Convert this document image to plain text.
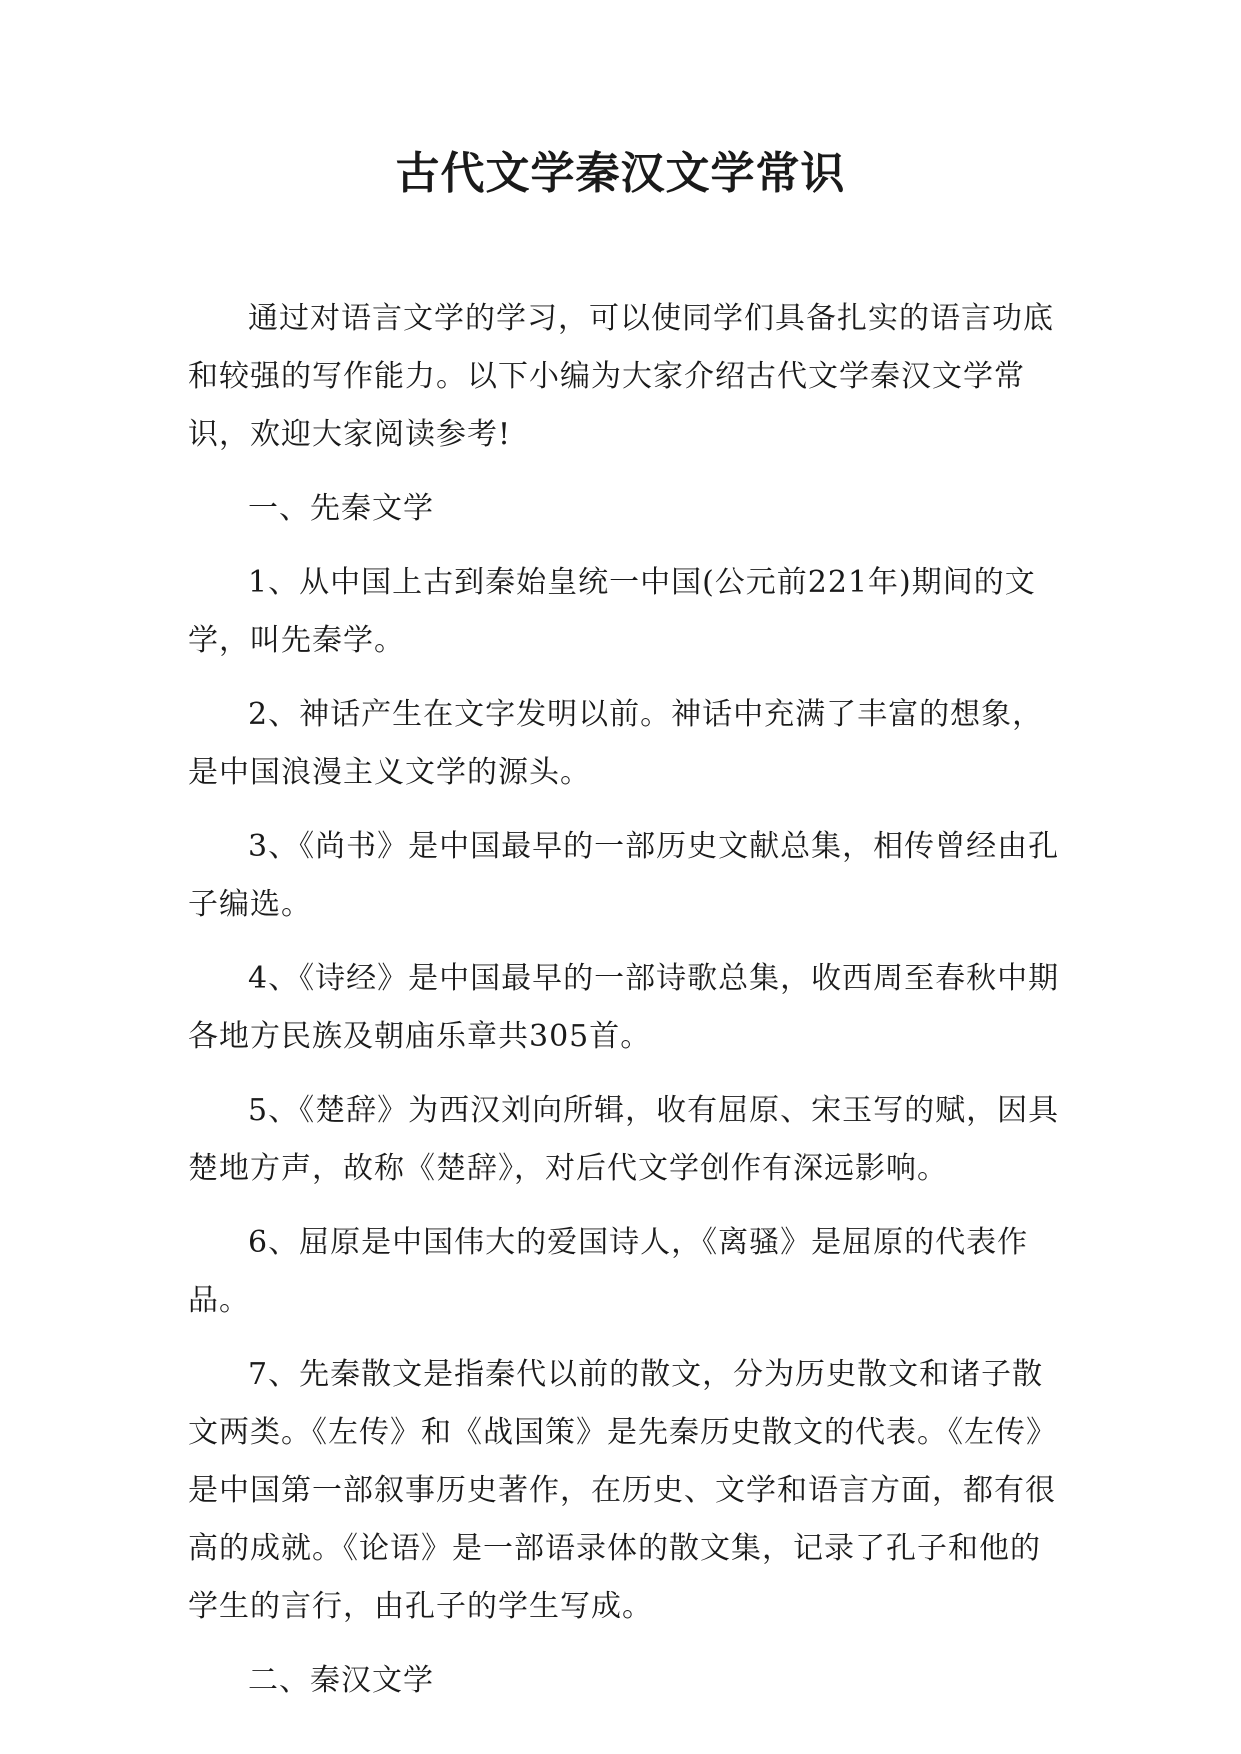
古代文学秦汉文学常识

通过对语言文学的学习，可以使同学们具备扎实的语言功底和较强的写作能力。以下小编为大家介绍古代文学秦汉文学常识，欢迎大家阅读参考!

一、先秦文学

1、从中国上古到秦始皇统一中国(公元前221年)期间的文学，叫先秦学。

2、神话产生在文字发明以前。神话中充满了丰富的想象，是中国浪漫主义文学的源头。

3、《尚书》是中国最早的一部历史文献总集，相传曾经由孔子编选。

4、《诗经》是中国最早的一部诗歌总集，收西周至春秋中期各地方民族及朝庙乐章共305首。

5、《楚辞》为西汉刘向所辑，收有屈原、宋玉写的赋，因具楚地方声，故称《楚辞》，对后代文学创作有深远影响。

6、屈原是中国伟大的爱国诗人，《离骚》是屈原的代表作品。

7、先秦散文是指秦代以前的散文，分为历史散文和诸子散文两类。《左传》和《战国策》是先秦历史散文的代表。《左传》是中国第一部叙事历史著作，在历史、文学和语言方面，都有很高的成就。《论语》是一部语录体的散文集，记录了孔子和他的学生的言行，由孔子的学生写成。

二、秦汉文学
